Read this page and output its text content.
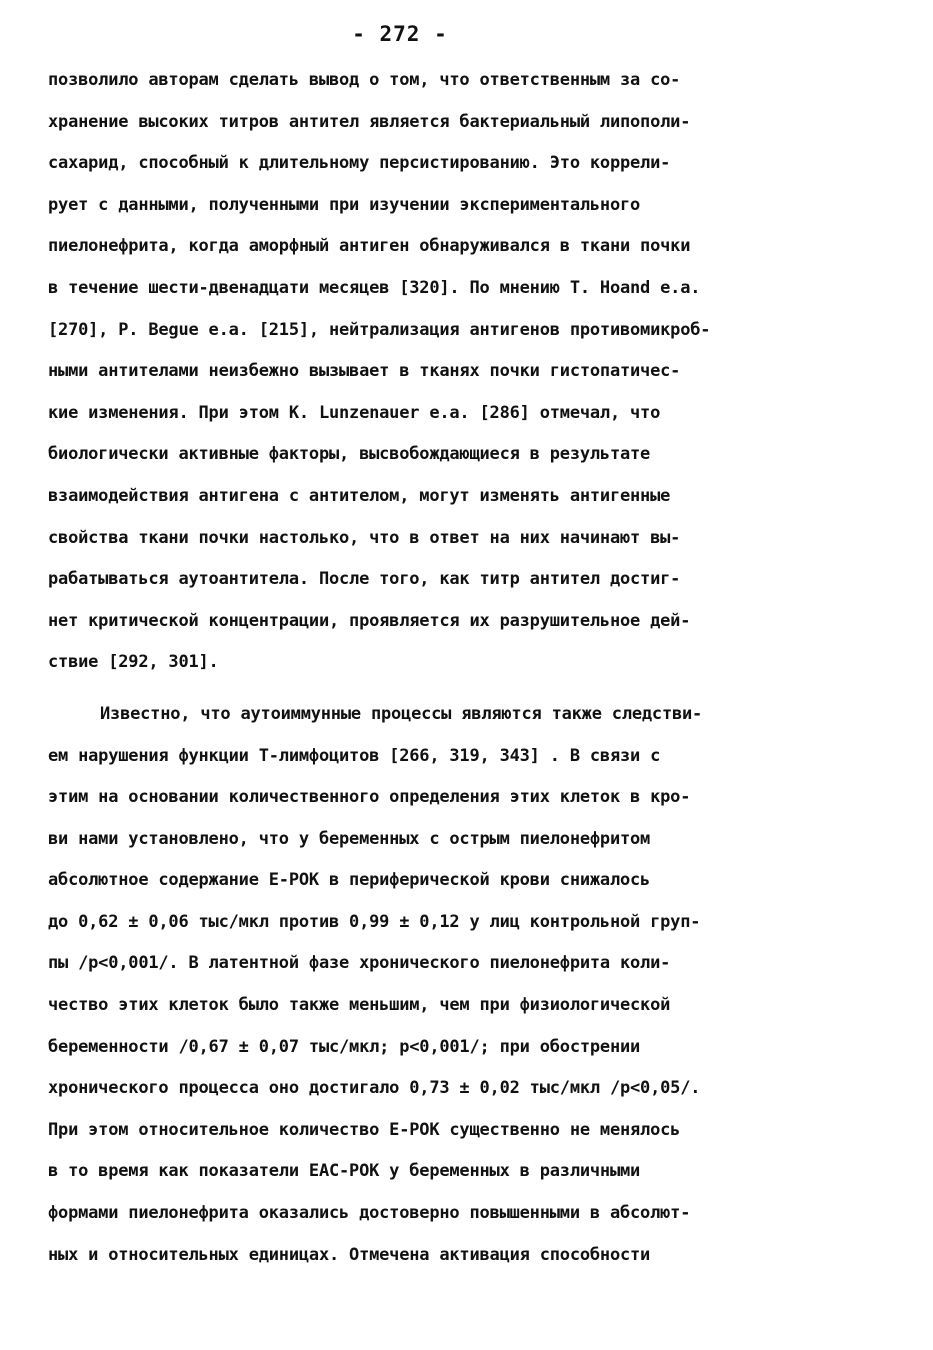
- 272 -
позволило авторам сделать вывод о том, что ответственным за со-
хранение высоких титров антител является бактериальный липополи-
сахарид, способный к длительному персистированию. Это коррели-
рует с данными, полученными при изучении экспериментального
пиелонефрита, когда аморфный антиген обнаруживался в ткани почки
в течение шести-двенадцати месяцев [320]. По мнению T. Hoand e.a.
[270], P. Begue e.a. [215], нейтрализация антигенов противомикроб-
ными антителами неизбежно вызывает в тканях почки гистопатичес-
кие изменения. При этом K. Lunzenauer e.a. [286] отмечал, что
биологически активные факторы, высвобождающиеся в результате
взаимодействия антигена с антителом, могут изменять антигенные
свойства ткани почки настолько, что в ответ на них начинают вы-
рабатываться аутоантитела. После того, как титр антител достиг-
нет критической концентрации, проявляется их разрушительное дей-
ствие [292, 301].
Известно, что аутоиммунные процессы являются также следстви-
ем нарушения функции Т-лимфоцитов [266, 319, 343] . В связи с
этим на основании количественного определения этих клеток в кро-
ви нами установлено, что у беременных с острым пиелонефритом
абсолютное содержание Е-РОК в периферической крови снижалось
до 0,62 ± 0,06 тыс/мкл против 0,99 ± 0,12 у лиц контрольной груп-
пы /р<0,001/. В латентной фазе хронического пиелонефрита коли-
чество этих клеток было также меньшим, чем при физиологической
беременности /0,67 ± 0,07 тыс/мкл; р<0,001/; при обострении
хронического процесса оно достигало 0,73 ± 0,02 тыс/мкл /р<0,05/.
При этом относительное количество Е-РОК существенно не менялось
в то время как показатели ЕАС-РОК у беременных в различными
формами пиелонефрита оказались достоверно повышенными в абсолют-
ных и относительных единицах. Отмечена активация способности
